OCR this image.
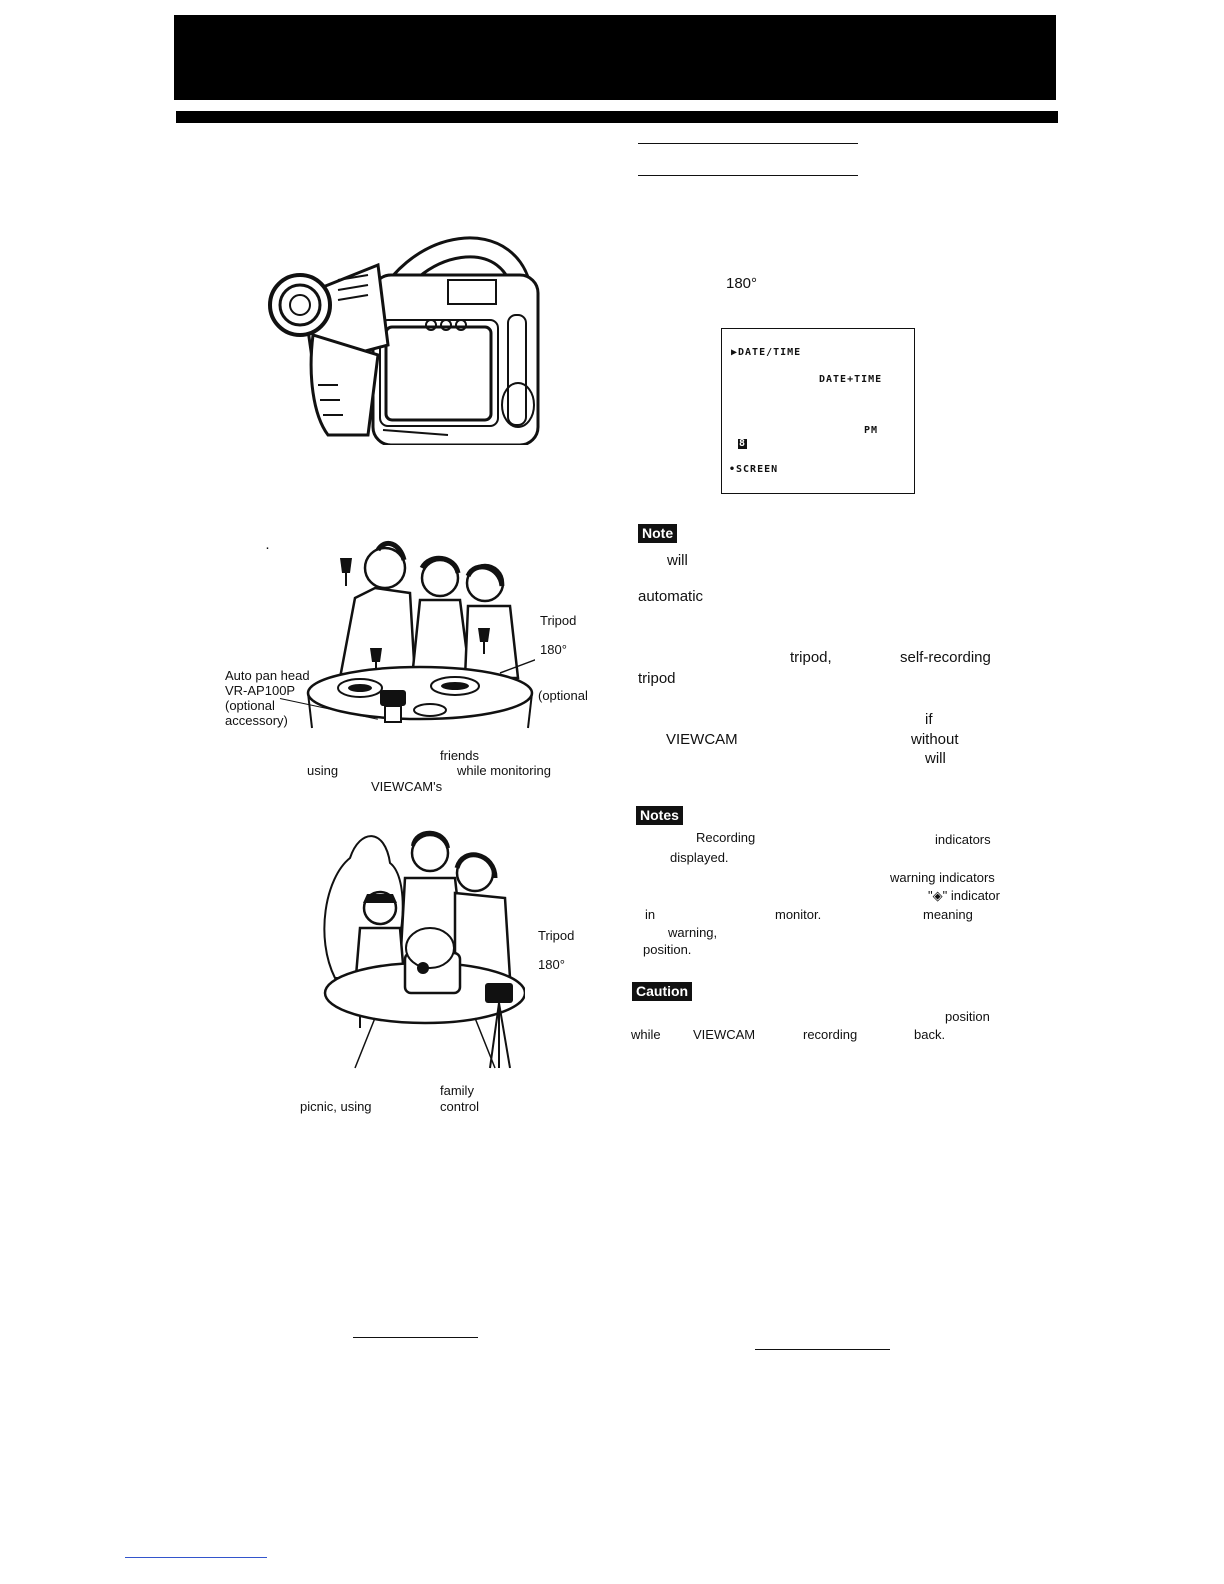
·
Tripod
180°
(optional
Auto pan head
VR-AP100P
(optional
accessory)
friends
using	while monitoring
VIEWCAM's
Tripod
180°
family
picnic, using	control
180°
▶DATE/TIME
DATE+TIME
PM
8
•SCREEN
Note
will
automatic
tripod,	self-recording
tripod
if
VIEWCAM	without
will
Notes
Recording	indicators
displayed.
warning indicators
"◈" indicator
in	monitor.	meaning
warning,
position.
Caution
position
while VIEWCAM	recording	back.
